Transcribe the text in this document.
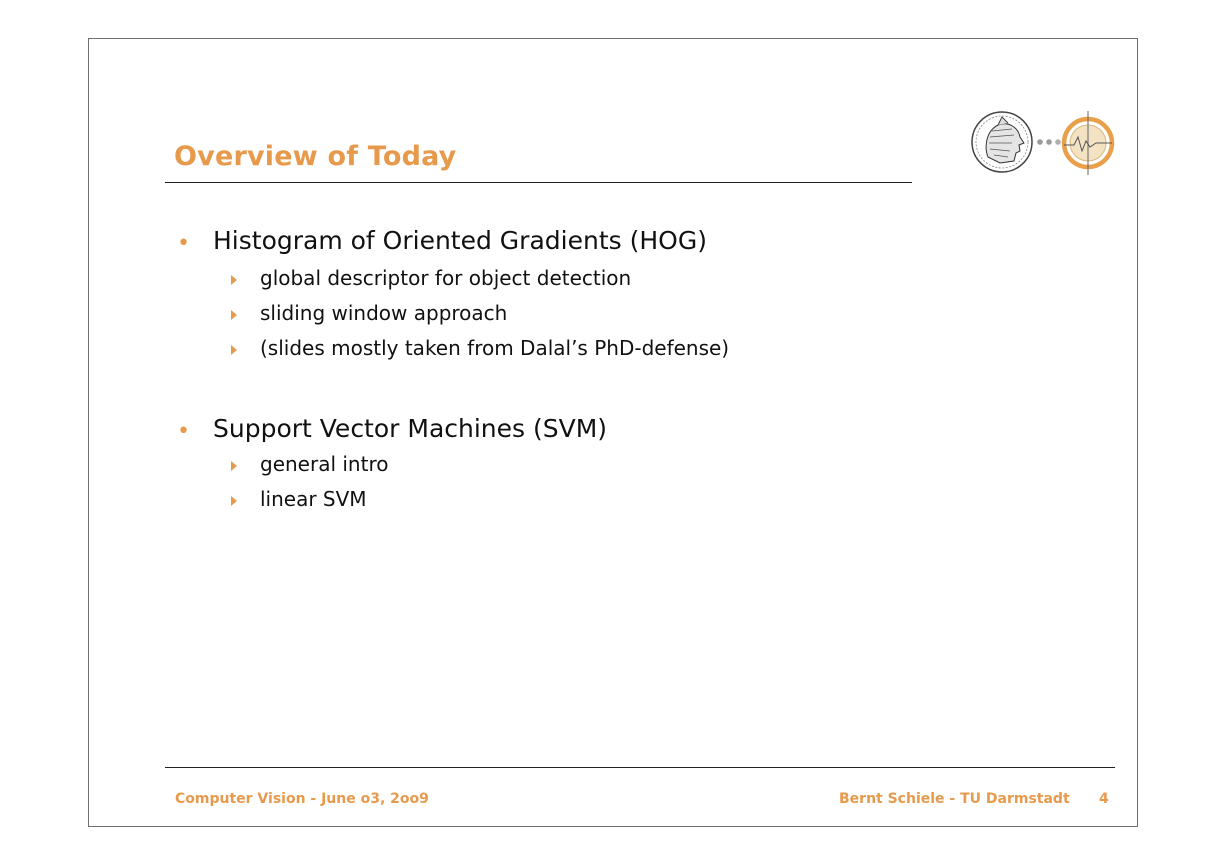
Overview of Today
• Histogram of Oriented Gradients (HOG)
global descriptor for object detection
sliding window approach
(slides mostly taken from Dalal’s PhD-defense)
• Support Vector Machines (SVM)
general intro
linear SVM
Computer Vision - June o3, 2oo9	Bernt Schiele - TU Darmstadt 4
